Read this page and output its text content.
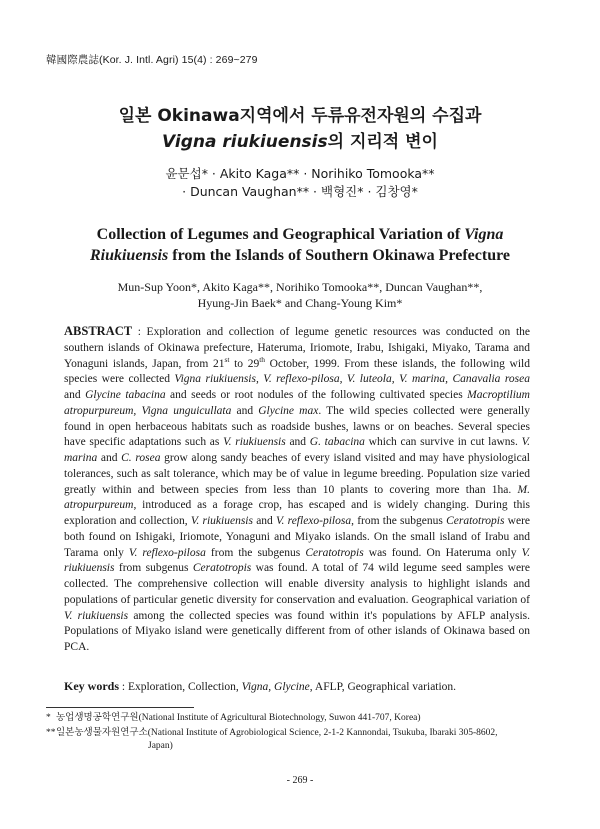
韓國際農誌(Kor. J. Intl. Agri) 15(4) : 269~279
일본 Okinawa지역에서 두류유전자원의 수집과
Vigna riukiuensis의 지리적 변이
윤문섭* · Akito Kaga** · Norihiko Tomooka**
· Duncan Vaughan** · 백형진* · 김창영*
Collection of Legumes and Geographical Variation of Vigna
Riukiuensis from the Islands of Southern Okinawa Prefecture
Mun-Sup Yoon*, Akito Kaga**, Norihiko Tomooka**, Duncan Vaughan**,
Hyung-Jin Baek* and Chang-Young Kim*
ABSTRACT : Exploration and collection of legume genetic resources was conducted on the southern islands of Okinawa prefecture, Hateruma, Iriomote, Irabu, Ishigaki, Miyako, Tarama and Yonaguni islands, Japan, from 21st to 29th October, 1999. From these islands, the following wild species were collected Vigna riukiuensis, V. reflexo-pilosa, V. luteola, V. marina, Canavalia rosea and Glycine tabacina and seeds or root nodules of the following cultivated species Macroptilium atropurpureum, Vigna unguicullata and Glycine max. The wild species collected were generally found in open herbaceous habitats such as roadside bushes, lawns or on beaches. Several species have specific adaptations such as V. riukiuensis and G. tabacina which can survive in cut lawns. V. marina and C. rosea grow along sandy beaches of every island visited and may have physiological tolerances, such as salt tolerance, which may be of value in legume breeding. Population size varied greatly within and between species from less than 10 plants to covering more than 1ha. M. atropurpureum, introduced as a forage crop, has escaped and is widely changing. During this exploration and collection, V. riukiuensis and V. reflexo-pilosa, from the subgenus Ceratotropis were both found on Ishigaki, Iriomote, Yonaguni and Miyako islands. On the small island of Irabu and Tarama only V. reflexo-pilosa from the subgenus Ceratotropis was found. On Hateruma only V. riukiuensis from subgenus Ceratotropis was found. A total of 74 wild legume seed samples were collected. The comprehensive collection will enable diversity analysis to highlight islands and populations of particular genetic diversity for conservation and evaluation. Geographical variation of V. riukiuensis among the collected species was found within it's populations by AFLP analysis. Populations of Miyako island were genetically different from of other islands of Okinawa based on PCA.
Key words : Exploration, Collection, Vigna, Glycine, AFLP, Geographical variation.
* 농업생명공학연구원(National Institute of Agricultural Biotechnology, Suwon 441-707, Korea)
**일본농생물자원연구소(National Institute of Agrobiological Science, 2-1-2 Kannondai, Tsukuba, Ibaraki 305-8602,
Japan)
- 269 -
